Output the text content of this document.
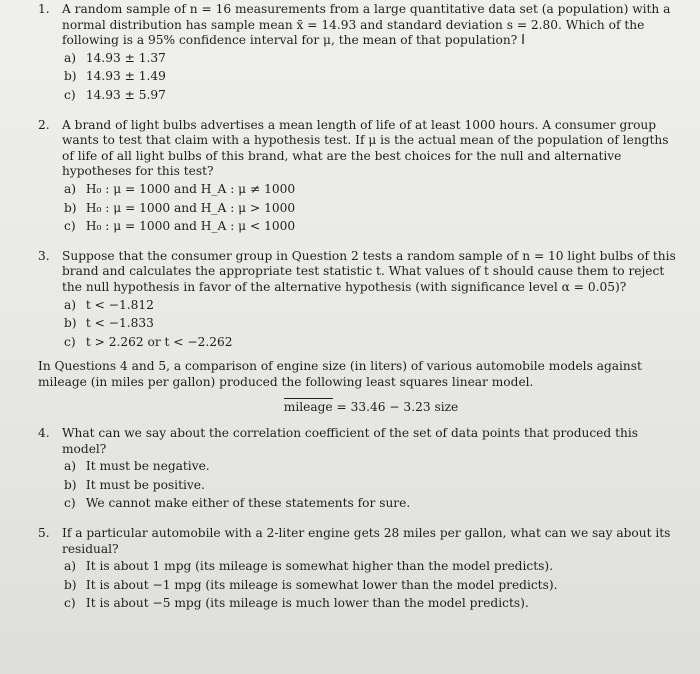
1. A random sample of n = 16 measurements from a large quantitative data set (a population) with a normal distribution has sample mean x̄ = 14.93 and standard deviation s = 2.80. Which of the following is a 95% confidence interval for μ, the mean of that population? I

a) 14.93 ± 1.37
b) 14.93 ± 1.49
c) 14.93 ± 5.97
2. A brand of light bulbs advertises a mean length of life of at least 1000 hours. A consumer group wants to test that claim with a hypothesis test. If μ is the actual mean of the population of lengths of life of all light bulbs of this brand, what are the best choices for the null and alternative hypotheses for this test?

a) H₀ : μ = 1000 and H_A : μ ≠ 1000
b) H₀ : μ = 1000 and H_A : μ > 1000
c) H₀ : μ = 1000 and H_A : μ < 1000
3. Suppose that the consumer group in Question 2 tests a random sample of n = 10 light bulbs of this brand and calculates the appropriate test statistic t. What values of t should cause them to reject the null hypothesis in favor of the alternative hypothesis (with significance level α = 0.05)?

a) t < −1.812
b) t < −1.833
c) t > 2.262 or t < −2.262

In Questions 4 and 5, a comparison of engine size (in liters) of various automobile models against mileage (in miles per gallon) produced the following least squares linear model.

mileage = 33.46 − 3.23 size
4. What can we say about the correlation coefficient of the set of data points that produced this model?

a) It must be negative.
b) It must be positive.
c) We cannot make either of these statements for sure.
5. If a particular automobile with a 2-liter engine gets 28 miles per gallon, what can we say about its residual?

a) It is about 1 mpg (its mileage is somewhat higher than the model predicts).
b) It is about −1 mpg (its mileage is somewhat lower than the model predicts).
c) It is about −5 mpg (its mileage is much lower than the model predicts).
